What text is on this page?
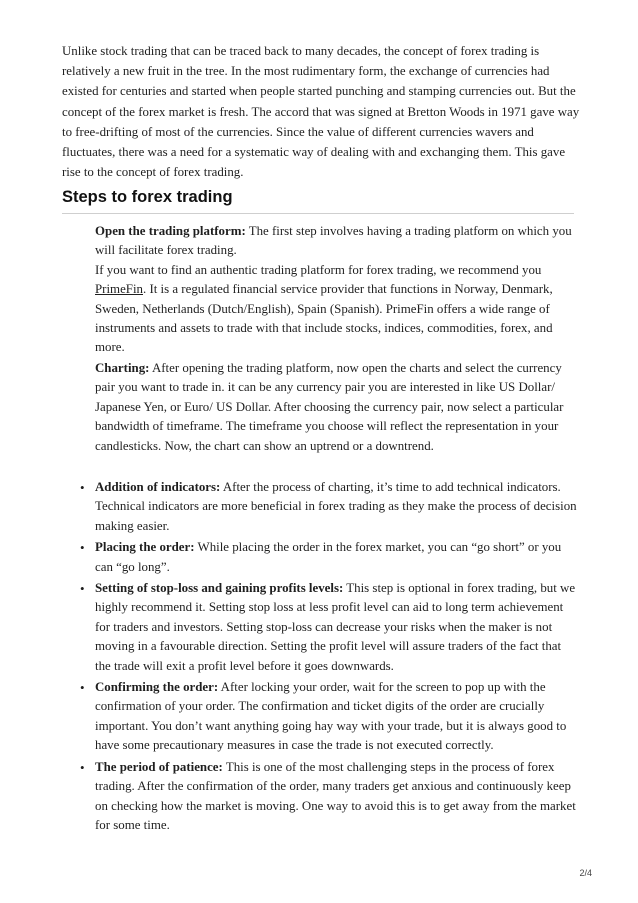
Unlike stock trading that can be traced back to many decades, the concept of forex trading is relatively a new fruit in the tree. In the most rudimentary form, the exchange of currencies had existed for centuries and started when people started punching and stamping currencies out. But the concept of the forex market is fresh. The accord that was signed at Bretton Woods in 1971 gave way to free-drifting of most of the currencies. Since the value of different currencies wavers and fluctuates, there was a need for a systematic way of dealing with and exchanging them. This gave rise to the concept of forex trading.

Steps to forex trading

Open the trading platform: The first step involves having a trading platform on which you will facilitate forex trading.
If you want to find an authentic trading platform for forex trading, we recommend you PrimeFin. It is a regulated financial service provider that functions in Norway, Denmark, Sweden, Netherlands (Dutch/English), Spain (Spanish). PrimeFin offers a wide range of instruments and assets to trade with that include stocks, indices, commodities, forex, and more.

Charting: After opening the trading platform, now open the charts and select the currency pair you want to trade in. it can be any currency pair you are interested in like US Dollar/ Japanese Yen, or Euro/ US Dollar. After choosing the currency pair, now select a particular bandwidth of timeframe. The timeframe you choose will reflect the representation in your candlesticks. Now, the chart can show an uptrend or a downtrend.

• Addition of indicators: After the process of charting, it’s time to add technical indicators. Technical indicators are more beneficial in forex trading as they make the process of decision making easier.
• Placing the order: While placing the order in the forex market, you can “go short” or you can “go long”.
• Setting of stop-loss and gaining profits levels: This step is optional in forex trading, but we highly recommend it. Setting stop loss at less profit level can aid to long term achievement for traders and investors. Setting stop-loss can decrease your risks when the maker is not moving in a favourable direction. Setting the profit level will assure traders of the fact that the trade will exit a profit level before it goes downwards.
• Confirming the order: After locking your order, wait for the screen to pop up with the confirmation of your order. The confirmation and ticket digits of the order are crucially important. You don’t want anything going hay way with your trade, but it is always good to have some precautionary measures in case the trade is not executed correctly.
• The period of patience: This is one of the most challenging steps in the process of forex trading. After the confirmation of the order, many traders get anxious and continuously keep on checking how the market is moving. One way to avoid this is to get away from the market for some time.
2/4
